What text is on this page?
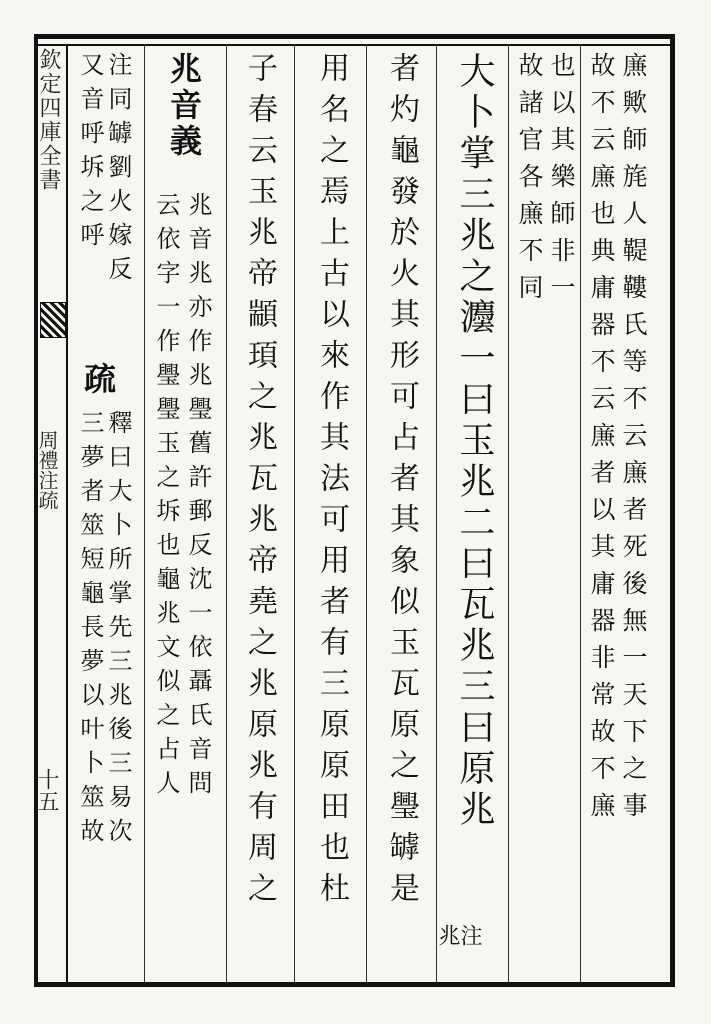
欽定四庫全書
周禮注疏
十五	㢘歟師旄人鞮鞻氏等不云㢘者死後無一天下之事
故不云㢘也典庸器不云㢘者以其庸器非常故不㢘
也以其樂師非一
故諸官各㢘不同
大卜掌三兆之灋一曰玉兆二曰瓦兆三曰原兆
注兆
者灼龜發於火其形可占者其象似玉瓦原之璺罅是
用名之焉上古以來作其法可用者有三原原田也杜
子春云玉兆帝顓頊之兆瓦兆帝堯之兆原兆有周之
兆音義
兆音兆亦作兆璺舊許郵反沈一依聶氏音問
云依字一作璺璺玉之坼也龜兆文似之占人
注同罅劉火嫁反
又音呼坼之呼
疏
釋曰大卜所掌先三兆後三易次
三夢者筮短龜長夢以叶卜筮故
